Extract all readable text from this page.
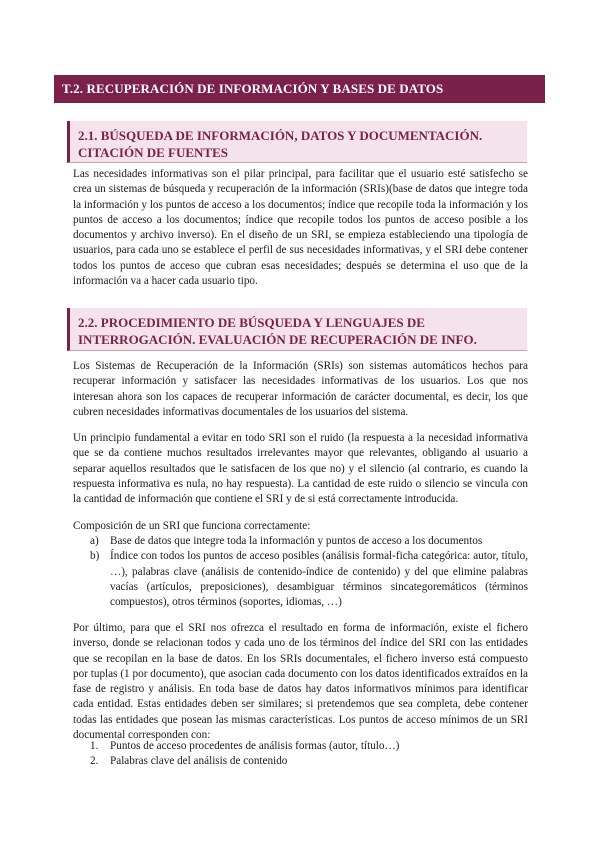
T.2. RECUPERACIÓN DE INFORMACIÓN Y BASES DE DATOS
2.1. BÚSQUEDA DE INFORMACIÓN, DATOS Y DOCUMENTACIÓN. CITACIÓN DE FUENTES

Las necesidades informativas son el pilar principal, para facilitar que el usuario esté satisfecho se crea un sistemas de búsqueda y recuperación de la información (SRIs)(base de datos que integre toda la información y los puntos de acceso a los documentos; índice que recopile toda la información y los puntos de acceso a los documentos; índice que recopile todos los puntos de acceso posible a los documentos y archivo inverso). En el diseño de un SRI, se empieza estableciendo una tipología de usuarios, para cada uno se establece el perfil de sus necesidades informativas, y el SRI debe contener todos los puntos de acceso que cubran esas necesidades; después se determina el uso que de la información va a hacer cada usuario tipo.

2.2. PROCEDIMIENTO DE BÚSQUEDA Y LENGUAJES DE INTERROGACIÓN. EVALUACIÓN DE RECUPERACIÓN DE INFO.

Los Sistemas de Recuperación de la Información (SRIs) son sistemas automáticos hechos para recuperar información y satisfacer las necesidades informativas de los usuarios. Los que nos interesan ahora son los capaces de recuperar información de carácter documental, es decir, los que cubren necesidades informativas documentales de los usuarios del sistema.

Un principio fundamental a evitar en todo SRI son el ruido (la respuesta a la necesidad informativa que se da contiene muchos resultados irrelevantes mayor que relevantes, obligando al usuario a separar aquellos resultados que le satisfacen de los que no) y el silencio (al contrario, es cuando la respuesta informativa es nula, no hay respuesta). La cantidad de este ruido o silencio se vincula con la cantidad de información que contiene el SRI y de si está correctamente introducida.

Composición de un SRI que funciona correctamente:

a) Base de datos que integre toda la información y puntos de acceso a los documentos
b) Índice con todos los puntos de acceso posibles (análisis formal-ficha categórica: autor, título, …), palabras clave (análisis de contenido-índice de contenido) y del que elimine palabras vacías (artículos, preposiciones), desambiguar términos sincategoremáticos (términos compuestos), otros términos (soportes, idiomas, …)

Por último, para que el SRI nos ofrezca el resultado en forma de información, existe el fichero inverso, donde se relacionan todos y cada uno de los términos del índice del SRI con las entidades que se recopilan en la base de datos. En los SRIs documentales, el fichero inverso está compuesto por tuplas (1 por documento), que asocian cada documento con los datos identificados extraídos en la fase de registro y análisis. En toda base de datos hay datos informativos mínimos para identificar cada entidad. Estas entidades deben ser similares; si pretendemos que sea completa, debe contener todas las entidades que posean las mismas características. Los puntos de acceso mínimos de un SRI documental corresponden con:

1. Puntos de acceso procedentes de análisis formas (autor, título…)
2. Palabras clave del análisis de contenido
